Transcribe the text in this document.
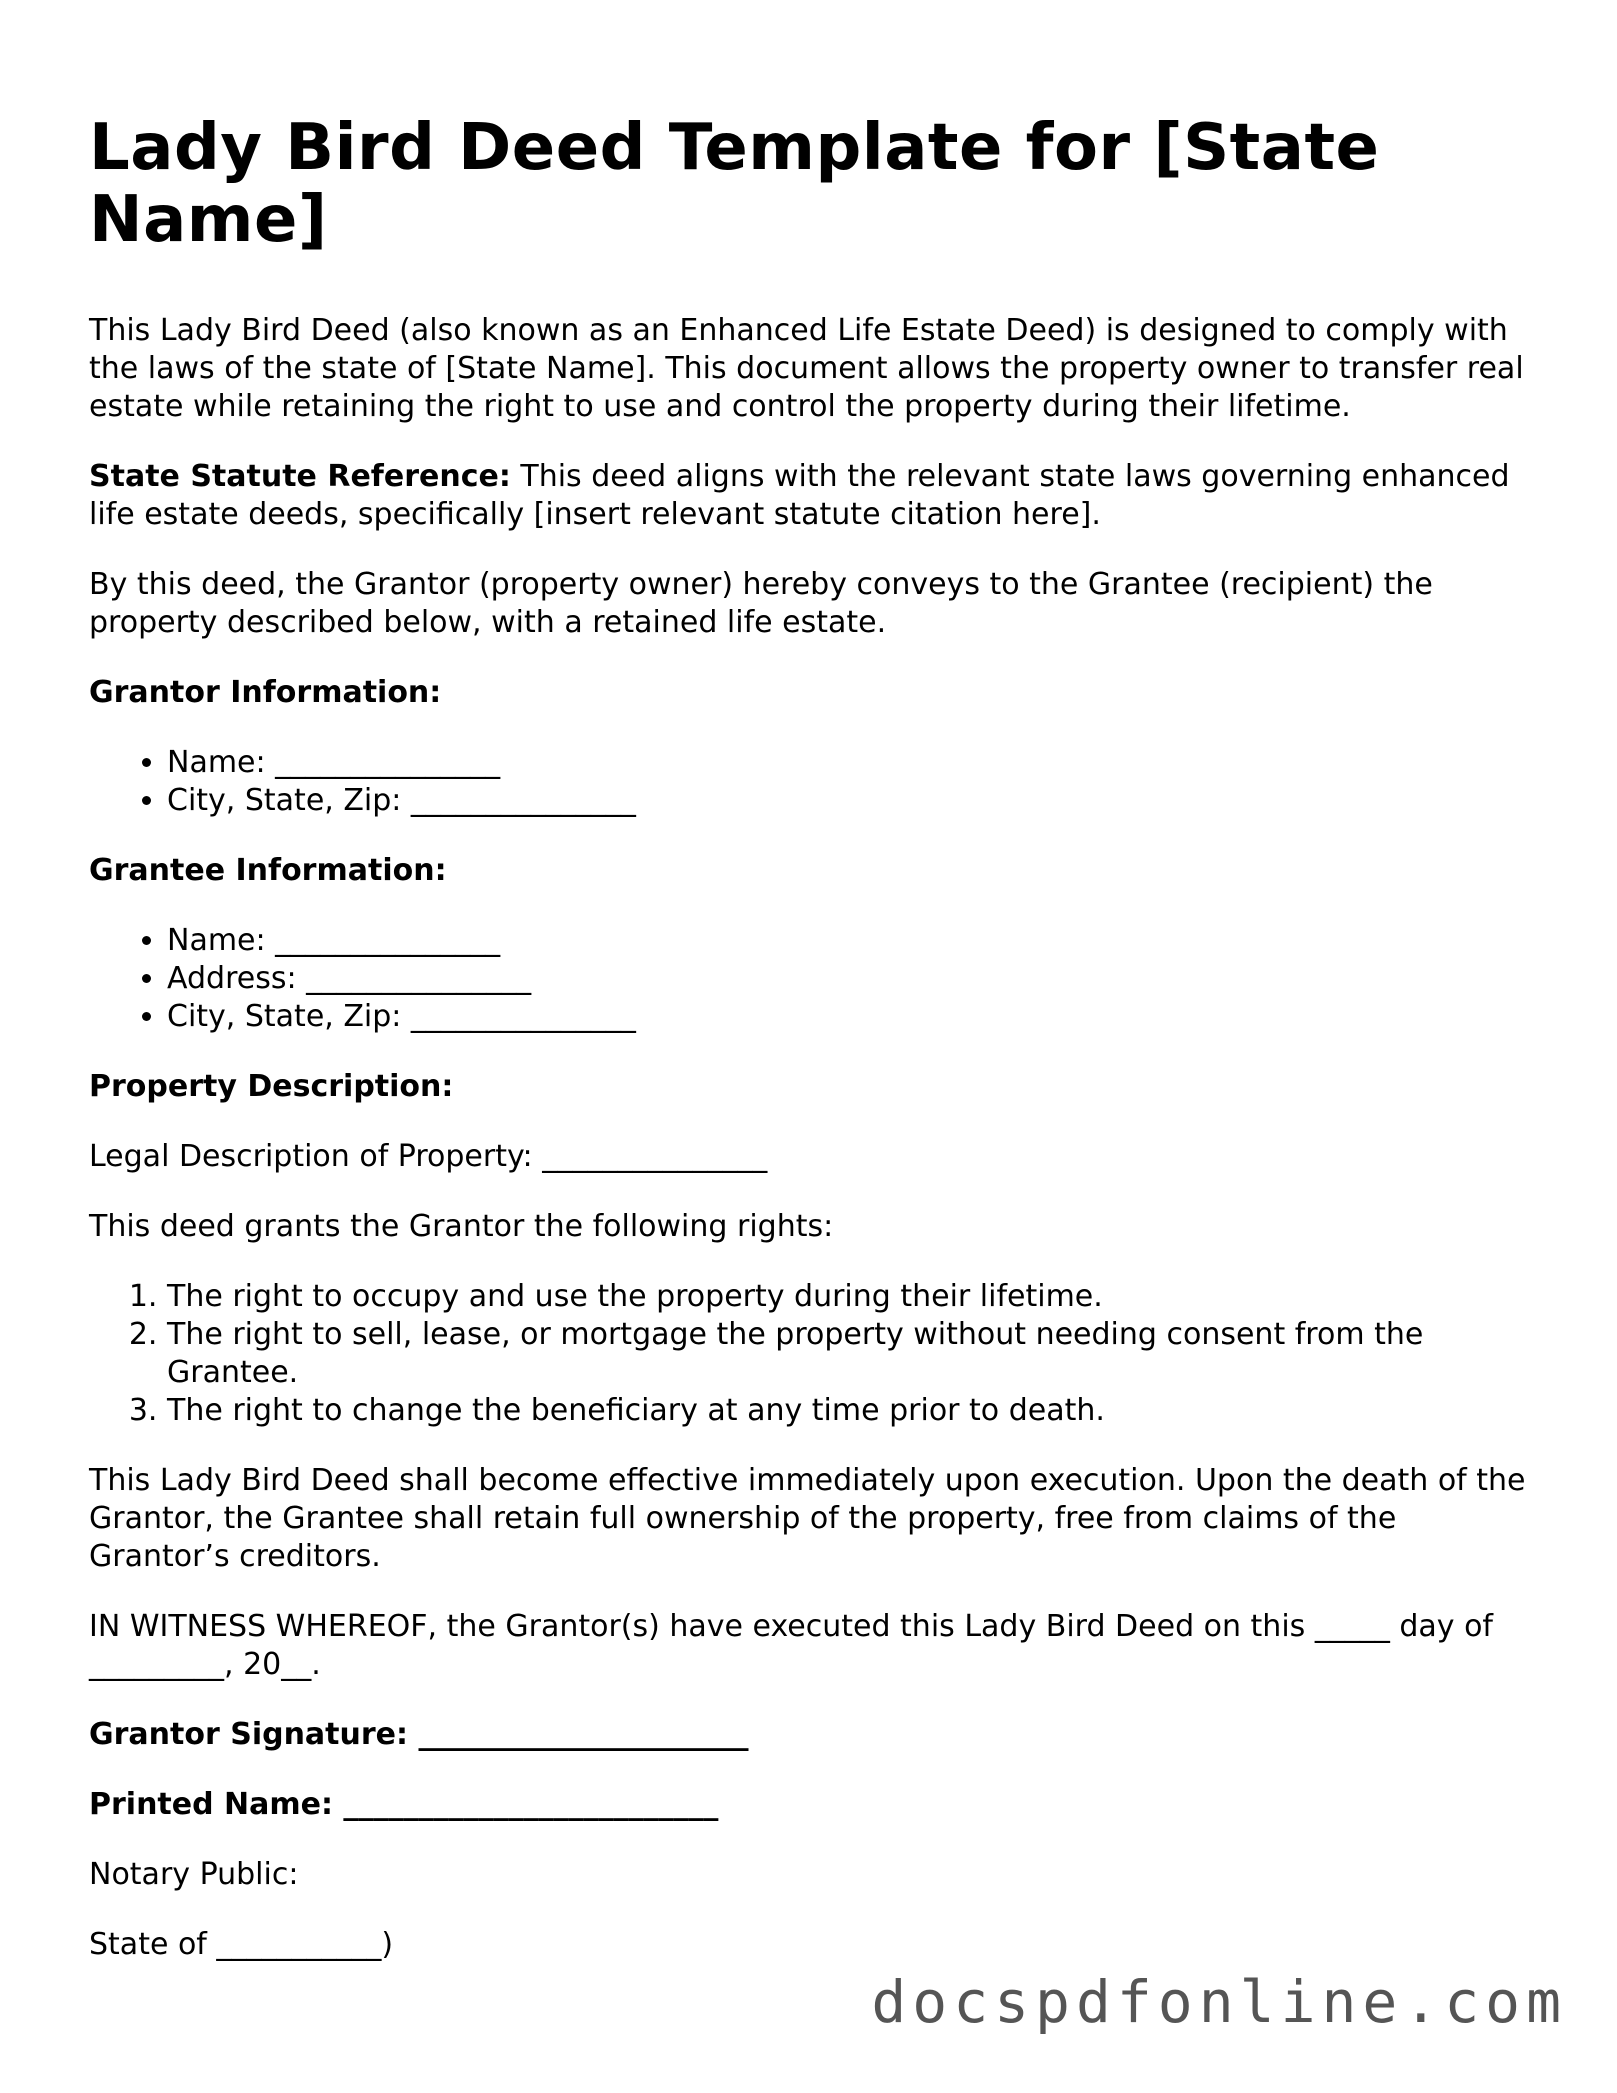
Lady Bird Deed Template for [State Name]

This Lady Bird Deed (also known as an Enhanced Life Estate Deed) is designed to comply with the laws of the state of [State Name]. This document allows the property owner to transfer real estate while retaining the right to use and control the property during their lifetime.

State Statute Reference: This deed aligns with the relevant state laws governing enhanced life estate deeds, specifically [insert relevant statute citation here].

By this deed, the Grantor (property owner) hereby conveys to the Grantee (recipient) the property described below, with a retained life estate.

Grantor Information:
• Name: _______________
• City, State, Zip: _______________
Grantee Information:
• Name: _______________
• Address: _______________
• City, State, Zip: _______________
Property Description:

Legal Description of Property: _______________

This deed grants the Grantor the following rights:

1. The right to occupy and use the property during their lifetime.
2. The right to sell, lease, or mortgage the property without needing consent from the Grantee.
3. The right to change the beneficiary at any time prior to death.

This Lady Bird Deed shall become effective immediately upon execution. Upon the death of the Grantor, the Grantee shall retain full ownership of the property, free from claims of the Grantor’s creditors.

IN WITNESS WHEREOF, the Grantor(s) have executed this Lady Bird Deed on this _____ day of _________, 20__.

Grantor Signature: ______________________

Printed Name: _________________________

Notary Public:

State of ___________)

docspdfonline.com
